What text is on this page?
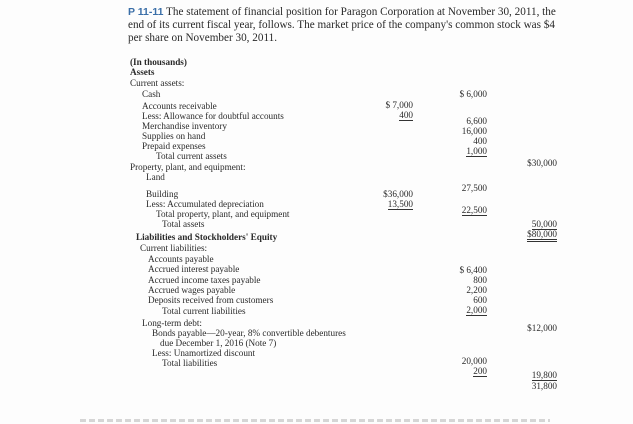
P 11-11 The statement of financial position for Paragon Corporation at November 30, 2011, the end of its current fiscal year, follows. The market price of the company's common stock was $4 per share on November 30, 2011.
(In thousands)
Assets
Current assets:
Cash
Accounts receivable
Less: Allowance for doubtful accounts
Merchandise inventory
Supplies on hand
Prepaid expenses
Total current assets
Property, plant, and equipment:
Land
Building
Less: Accumulated depreciation
Total property, plant, and equipment
Total assets
Liabilities and Stockholders' Equity
Current liabilities:
Accounts payable
Accrued interest payable
Accrued income taxes payable
Accrued wages payable
Deposits received from customers
Total current liabilities
Long-term debt:
Bonds payable—20-year, 8% convertible debentures
due December 1, 2016 (Note 7)
Less: Unamortized discount
Total liabilities
$ 7,000
400
$36,000
13,500
$ 6,000
6,600
16,000
400
1,000
27,500
22,500
$ 6,400
800
2,200
600
2,000
20,000
200
$30,000
50,000
$80,000
$12,000
19,800
31,800
